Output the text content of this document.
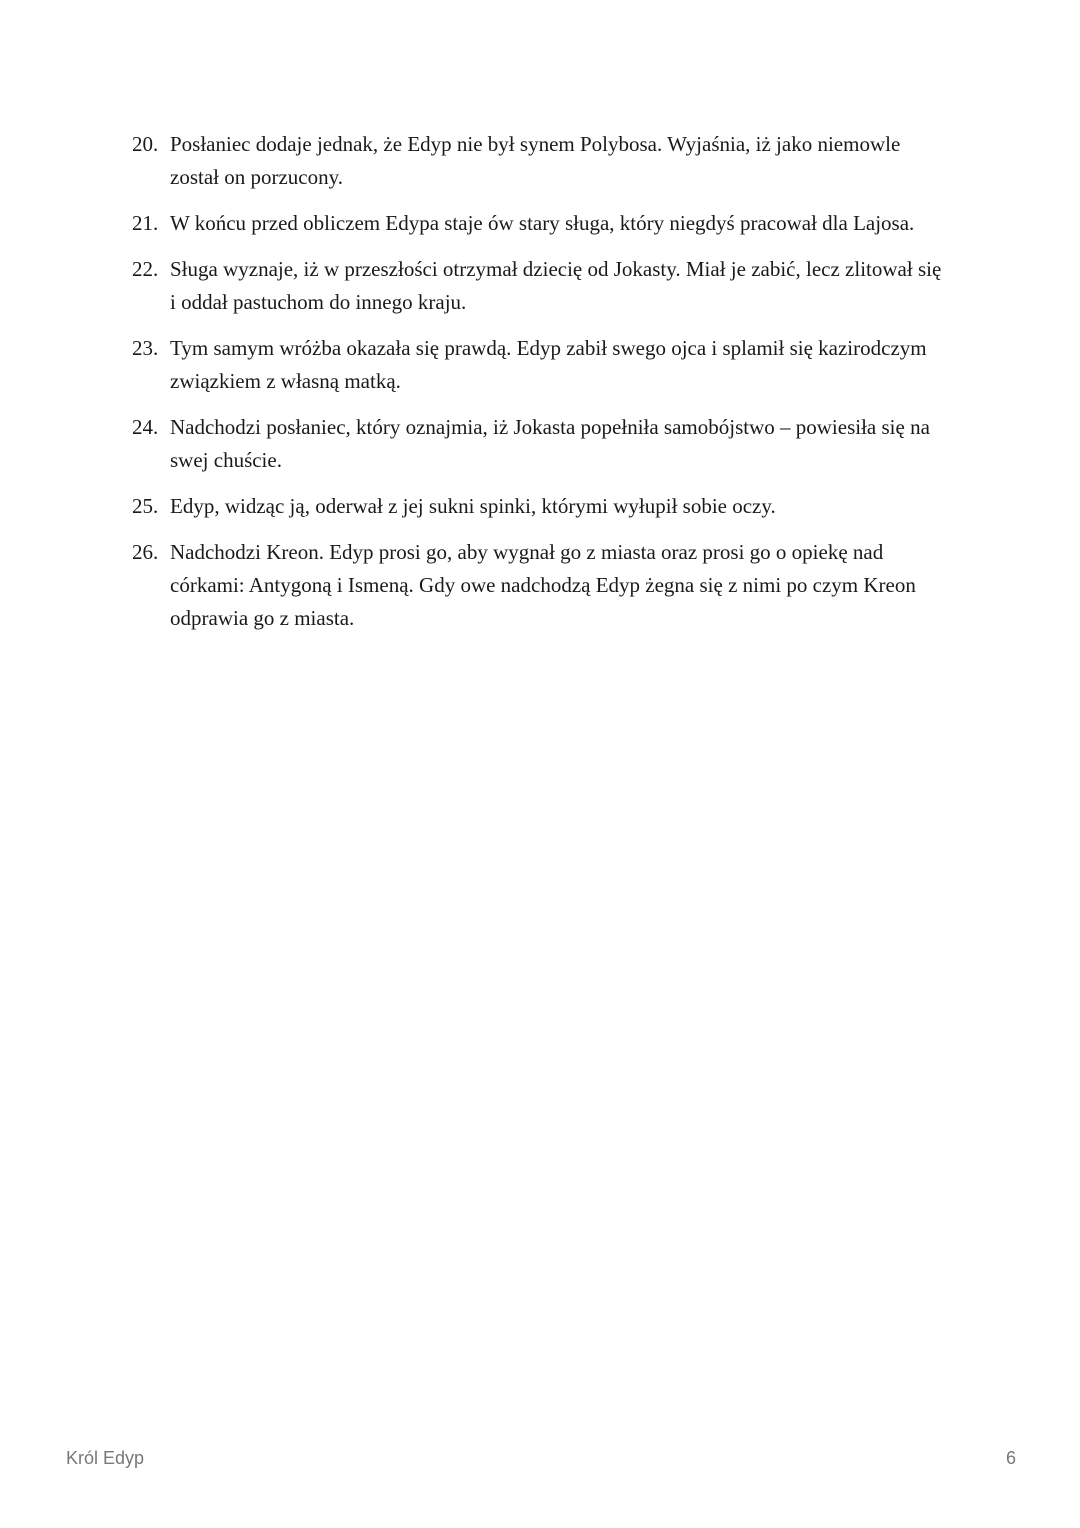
20. Posłaniec dodaje jednak, że Edyp nie był synem Polybosa. Wyjaśnia, iż jako niemowle został on porzucony.
21. W końcu przed obliczem Edypa staje ów stary sługa, który niegdyś pracował dla Lajosa.
22. Sługa wyznaje, iż w przeszłości otrzymał dziecię od Jokasty. Miał je zabić, lecz zlitował się i oddał pastuchom do innego kraju.
23. Tym samym wróżba okazała się prawdą. Edyp zabił swego ojca i splamił się kazirodczym związkiem z własną matką.
24. Nadchodzi posłaniec, który oznajmia, iż Jokasta popełniła samobójstwo – powiesiła się na swej chuście.
25. Edyp, widząc ją, oderwał z jej sukni spinki, którymi wyłupił sobie oczy.
26. Nadchodzi Kreon. Edyp prosi go, aby wygnał go z miasta oraz prosi go o opiekę nad córkami: Antygoną i Ismeną. Gdy owe nadchodzą Edyp żegna się z nimi po czym Kreon odprawia go z miasta.
Król Edyp	6
